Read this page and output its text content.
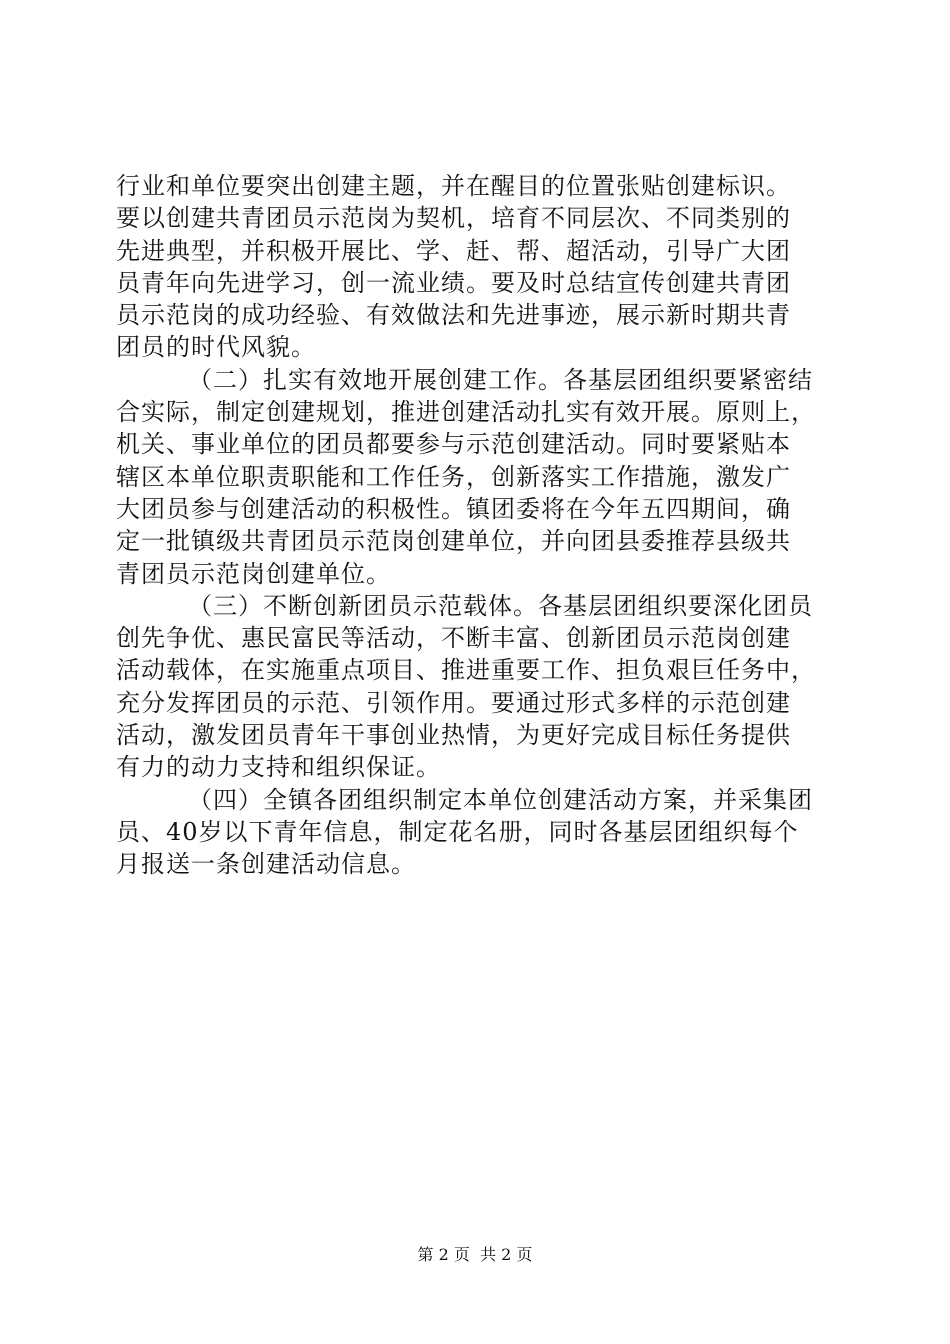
行业和单位要突出创建主题，并在醒目的位置张贴创建标识。
要以创建共青团员示范岗为契机，培育不同层次、不同类别的
先进典型，并积极开展比、学、赶、帮、超活动，引导广大团
员青年向先进学习，创一流业绩。要及时总结宣传创建共青团
员示范岗的成功经验、有效做法和先进事迹，展示新时期共青
团员的时代风貌。
（二）扎实有效地开展创建工作。各基层团组织要紧密结
合实际，制定创建规划，推进创建活动扎实有效开展。原则上，
机关、事业单位的团员都要参与示范创建活动。同时要紧贴本
辖区本单位职责职能和工作任务，创新落实工作措施，激发广
大团员参与创建活动的积极性。镇团委将在今年五四期间，确
定一批镇级共青团员示范岗创建单位，并向团县委推荐县级共
青团员示范岗创建单位。
（三）不断创新团员示范载体。各基层团组织要深化团员
创先争优、惠民富民等活动，不断丰富、创新团员示范岗创建
活动载体，在实施重点项目、推进重要工作、担负艰巨任务中，
充分发挥团员的示范、引领作用。要通过形式多样的示范创建
活动，激发团员青年干事创业热情，为更好完成目标任务提供
有力的动力支持和组织保证。
（四）全镇各团组织制定本单位创建活动方案，并采集团
员、40岁以下青年信息，制定花名册，同时各基层团组织每个
月报送一条创建活动信息。
第 2 页  共 2 页
